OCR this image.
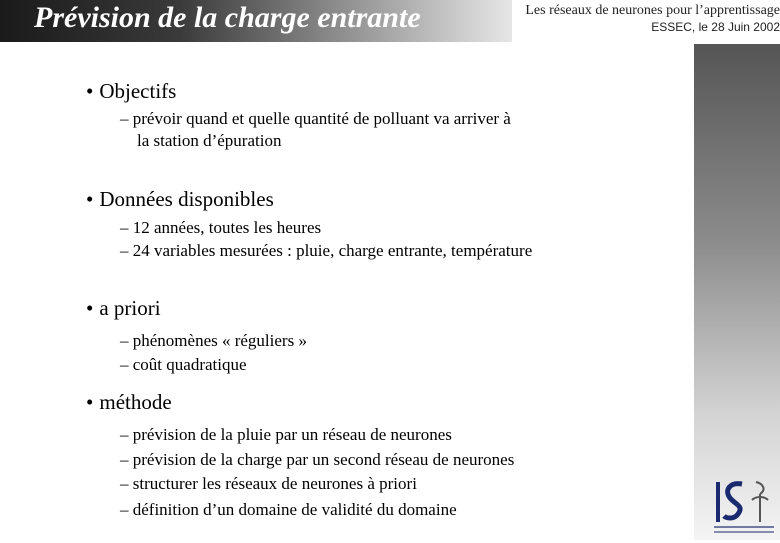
Prévision de la charge entrante	Les réseaux de neurones pour l’apprentissage
ESSEC, le 28 Juin 2002
• Objectifs
– prévoir quand et quelle quantité de polluant va arriver à
la station d’épuration
• Données disponibles
– 12 années, toutes les heures
– 24 variables mesurées : pluie, charge entrante, température
• a priori
– phénomènes « réguliers »
– coût quadratique
• méthode
– prévision de la pluie par un réseau de neurones
– prévision de la charge par un second réseau de neurones
– structurer les réseaux de neurones à priori
– définition d’un domaine de validité du domaine
